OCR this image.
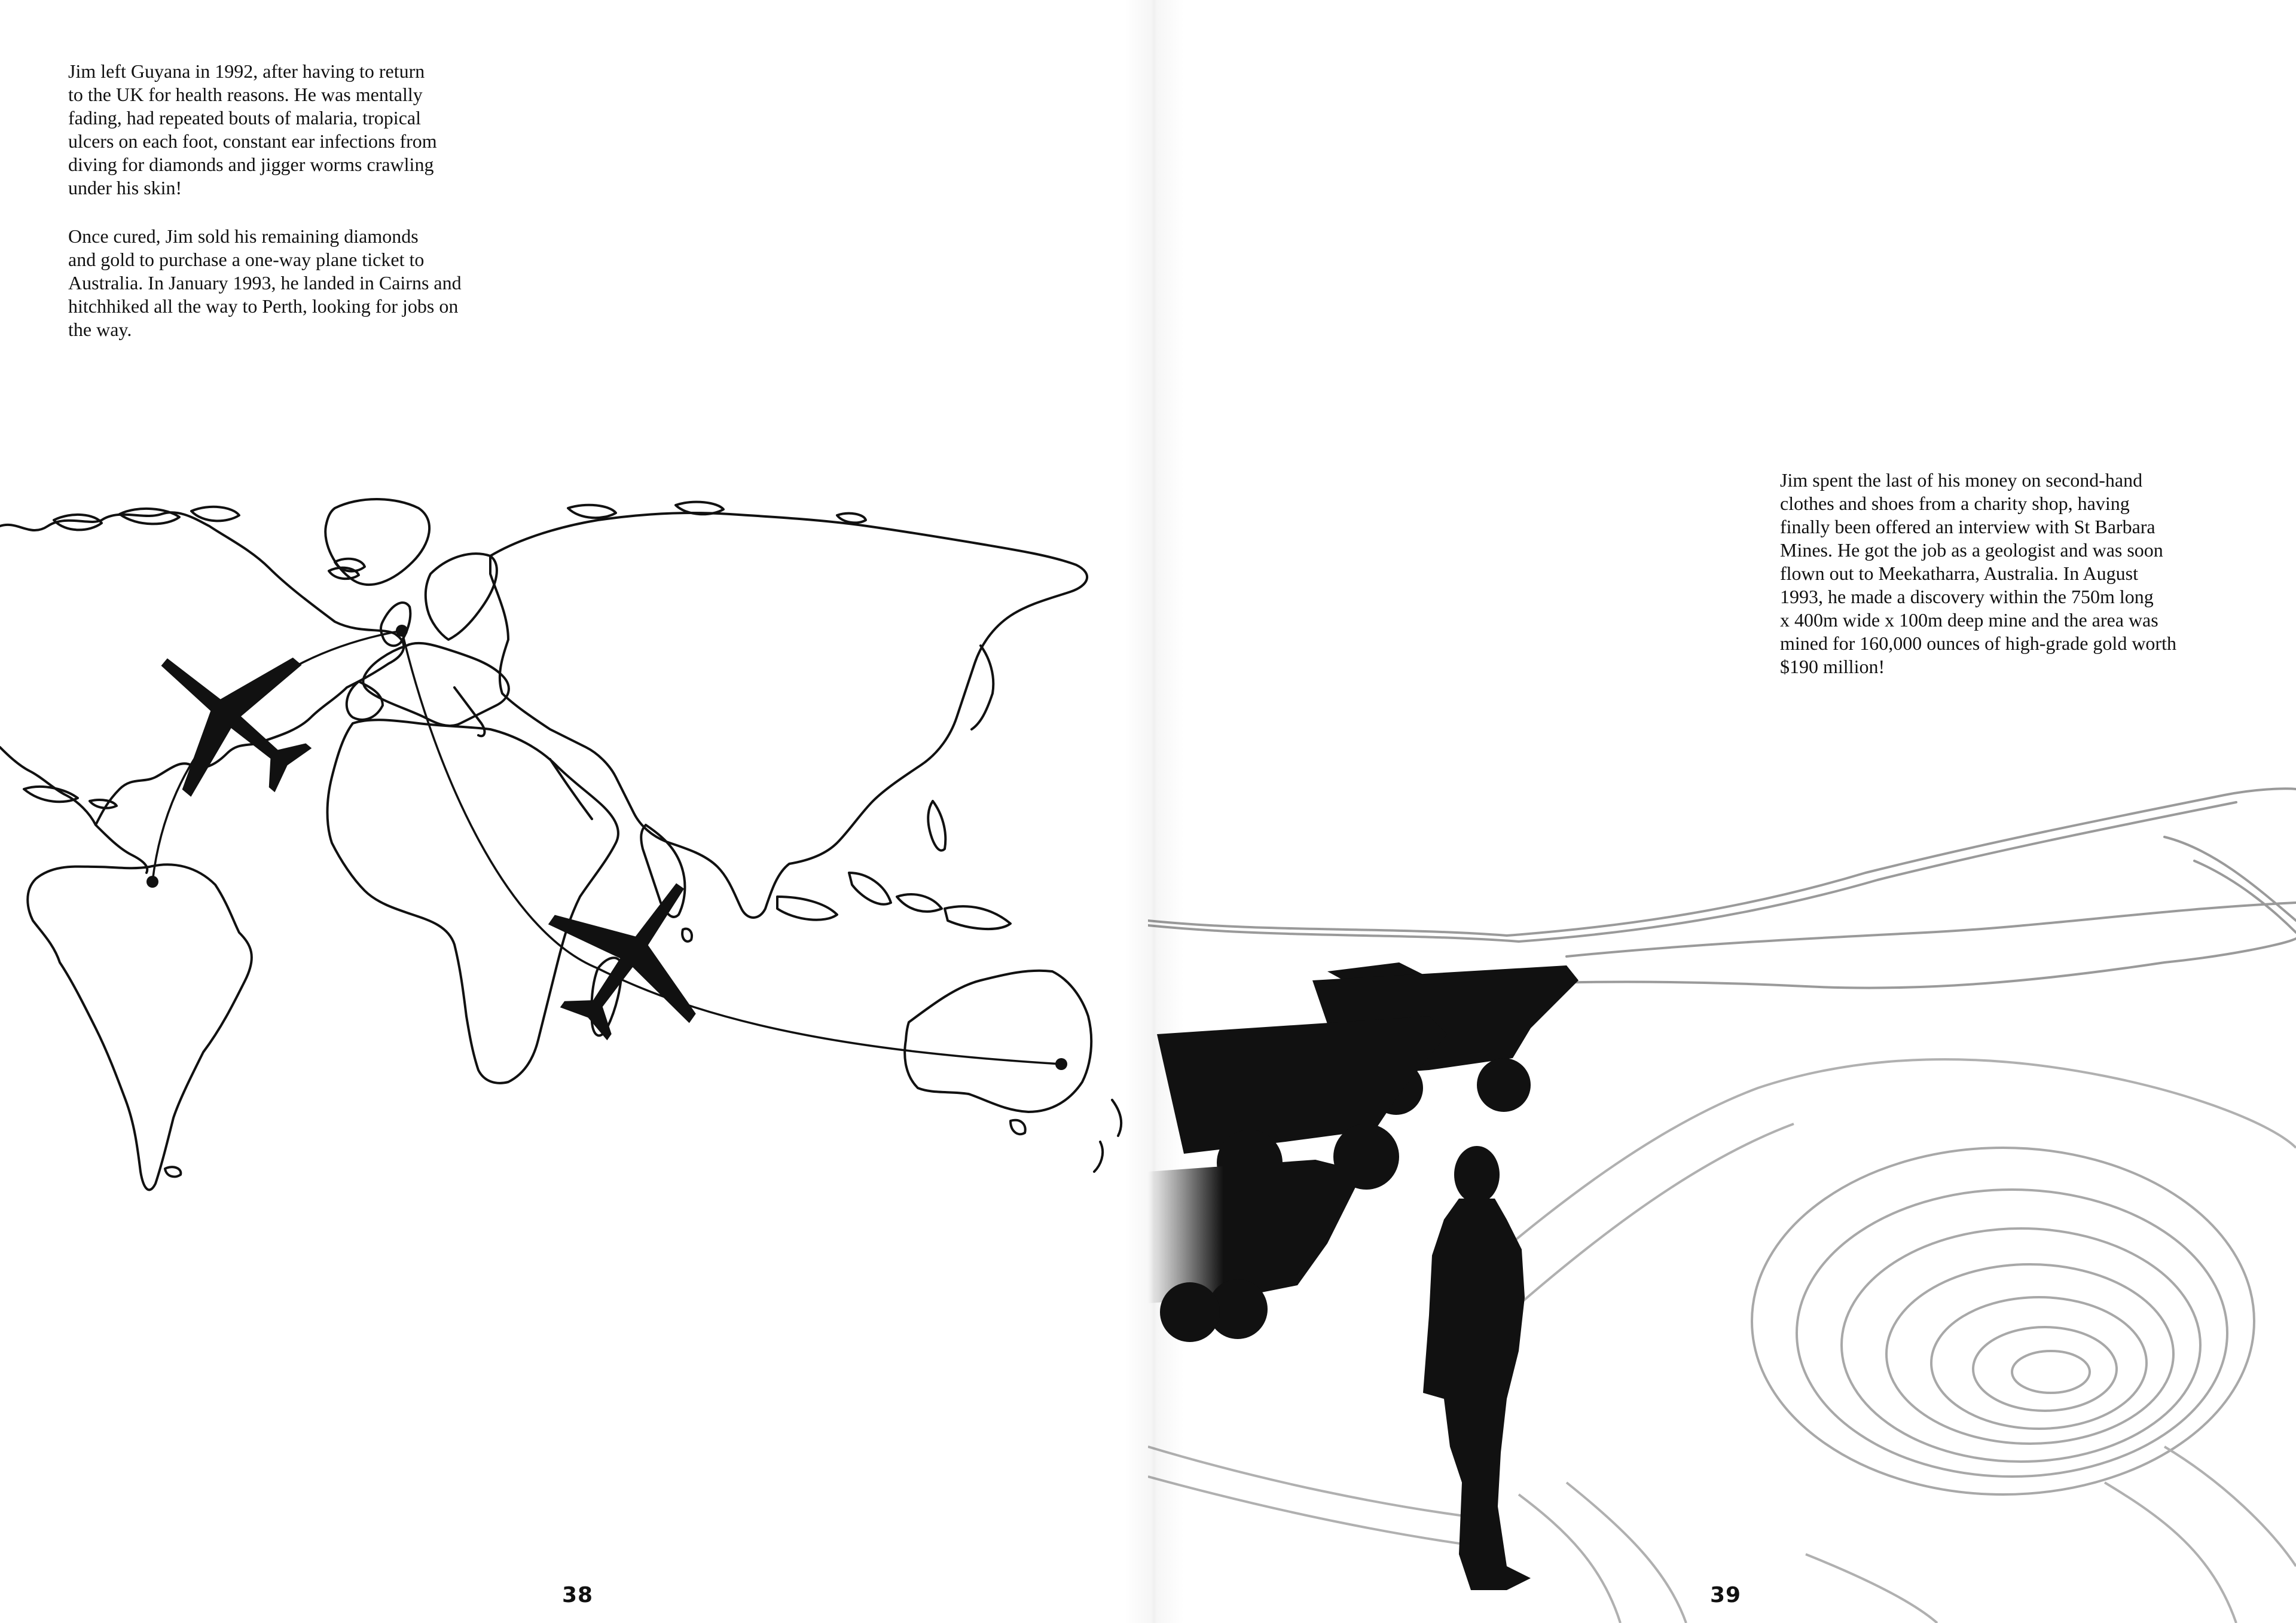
Jim left Guyana in 1992, after having to return
to the UK for health reasons. He was mentally
fading, had repeated bouts of malaria, tropical
ulcers on each foot, constant ear infections from
diving for diamonds and jigger worms crawling
under his skin!

Once cured, Jim sold his remaining diamonds
and gold to purchase a one-way plane ticket to
Australia. In January 1993, he landed in Cairns and
hitchhiked all the way to Perth, looking for jobs on
the way.

38

Jim spent the last of his money on second-hand
clothes and shoes from a charity shop, having
finally been offered an interview with St Barbara
Mines. He got the job as a geologist and was soon
flown out to Meekatharra, Australia. In August
1993, he made a discovery within the 750m long
x 400m wide x 100m deep mine and the area was
mined for 160,000 ounces of high-grade gold worth
$190 million!

39
